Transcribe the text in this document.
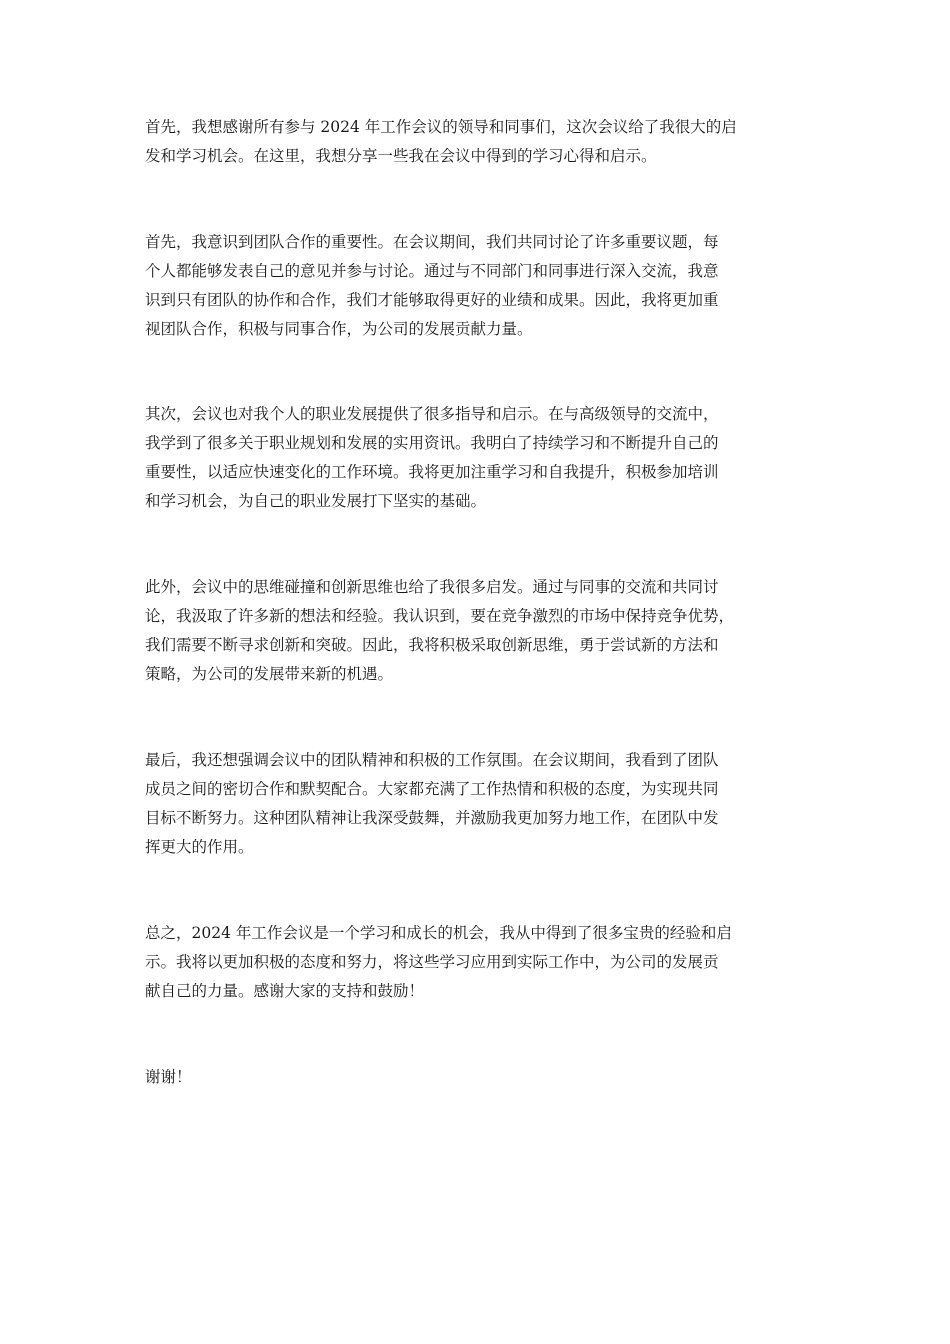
首先，我想感谢所有参与 2024 年工作会议的领导和同事们，这次会议给了我很大的启
发和学习机会。在这里，我想分享一些我在会议中得到的学习心得和启示。

首先，我意识到团队合作的重要性。在会议期间，我们共同讨论了许多重要议题，每
个人都能够发表自己的意见并参与讨论。通过与不同部门和同事进行深入交流，我意
识到只有团队的协作和合作，我们才能够取得更好的业绩和成果。因此，我将更加重
视团队合作，积极与同事合作，为公司的发展贡献力量。

其次，会议也对我个人的职业发展提供了很多指导和启示。在与高级领导的交流中，
我学到了很多关于职业规划和发展的实用资讯。我明白了持续学习和不断提升自己的
重要性，以适应快速变化的工作环境。我将更加注重学习和自我提升，积极参加培训
和学习机会，为自己的职业发展打下坚实的基础。

此外，会议中的思维碰撞和创新思维也给了我很多启发。通过与同事的交流和共同讨
论，我汲取了许多新的想法和经验。我认识到，要在竞争激烈的市场中保持竞争优势，
我们需要不断寻求创新和突破。因此，我将积极采取创新思维，勇于尝试新的方法和
策略，为公司的发展带来新的机遇。

最后，我还想强调会议中的团队精神和积极的工作氛围。在会议期间，我看到了团队
成员之间的密切合作和默契配合。大家都充满了工作热情和积极的态度，为实现共同
目标不断努力。这种团队精神让我深受鼓舞，并激励我更加努力地工作，在团队中发
挥更大的作用。

总之，2024 年工作会议是一个学习和成长的机会，我从中得到了很多宝贵的经验和启
示。我将以更加积极的态度和努力，将这些学习应用到实际工作中，为公司的发展贡
献自己的力量。感谢大家的支持和鼓励！

谢谢！
